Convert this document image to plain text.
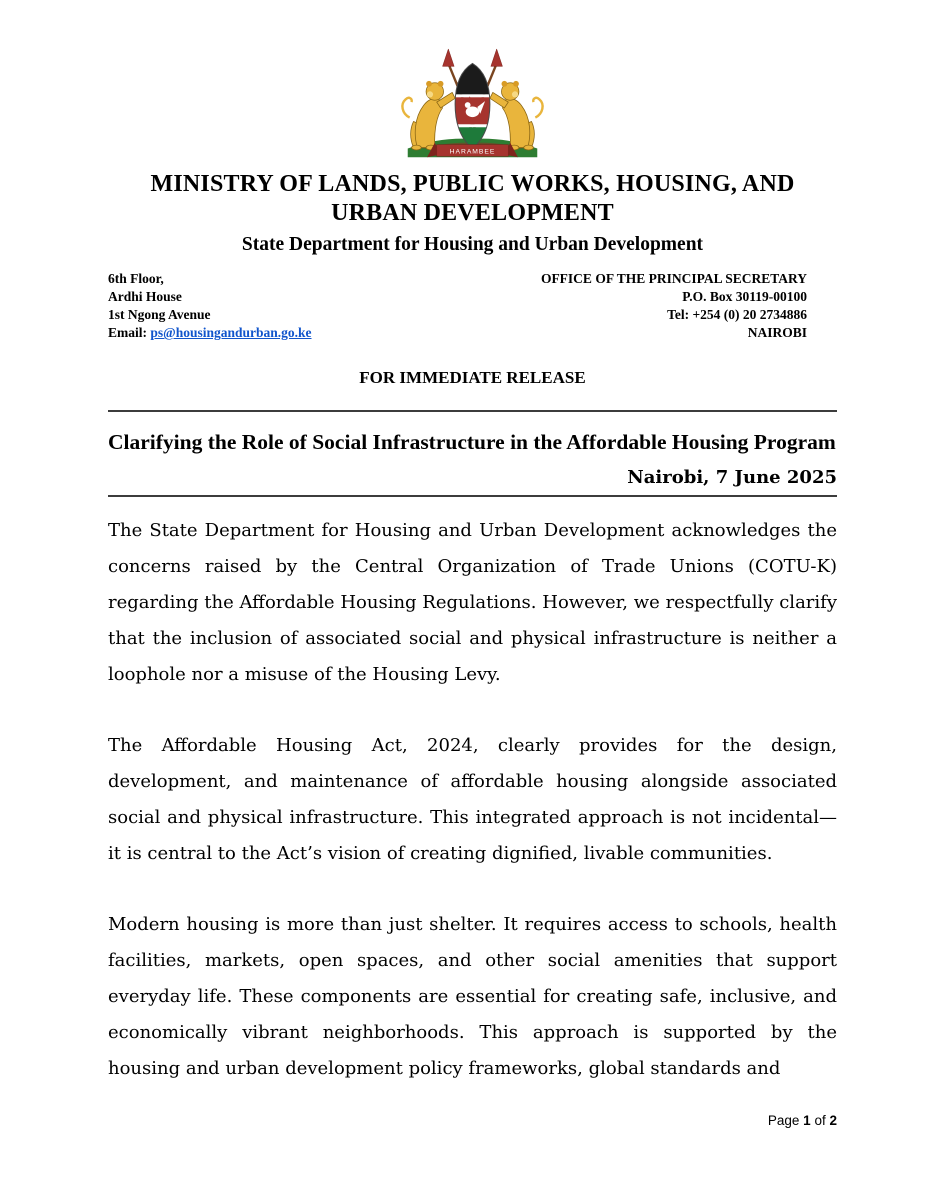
HARAMBEE
MINISTRY OF LANDS, PUBLIC WORKS, HOUSING, AND
URBAN DEVELOPMENT
State Department for Housing and Urban Development
6th Floor,
Ardhi House
1st Ngong Avenue
Email: ps@housingandurban.go.ke
OFFICE OF THE PRINCIPAL SECRETARY
P.O. Box 30119-00100
Tel: +254 (0) 20 2734886
NAIROBI
FOR IMMEDIATE RELEASE
Clarifying the Role of Social Infrastructure in the Affordable Housing Program
Nairobi, 7 June 2025

The State Department for Housing and Urban Development acknowledges the concerns raised by the Central Organization of Trade Unions (COTU-K) regarding the Affordable Housing Regulations. However, we respectfully clarify that the inclusion of associated social and physical infrastructure is neither a loophole nor a misuse of the Housing Levy.

The Affordable Housing Act, 2024, clearly provides for the design, development, and maintenance of affordable housing alongside associated social and physical infrastructure. This integrated approach is not incidental—it is central to the Act’s vision of creating dignified, livable communities.

Modern housing is more than just shelter. It requires access to schools, health facilities, markets, open spaces, and other social amenities that support everyday life. These components are essential for creating safe, inclusive, and economically vibrant neighborhoods. This approach is supported by the housing and urban development policy frameworks, global standards and

Page 1 of 2
